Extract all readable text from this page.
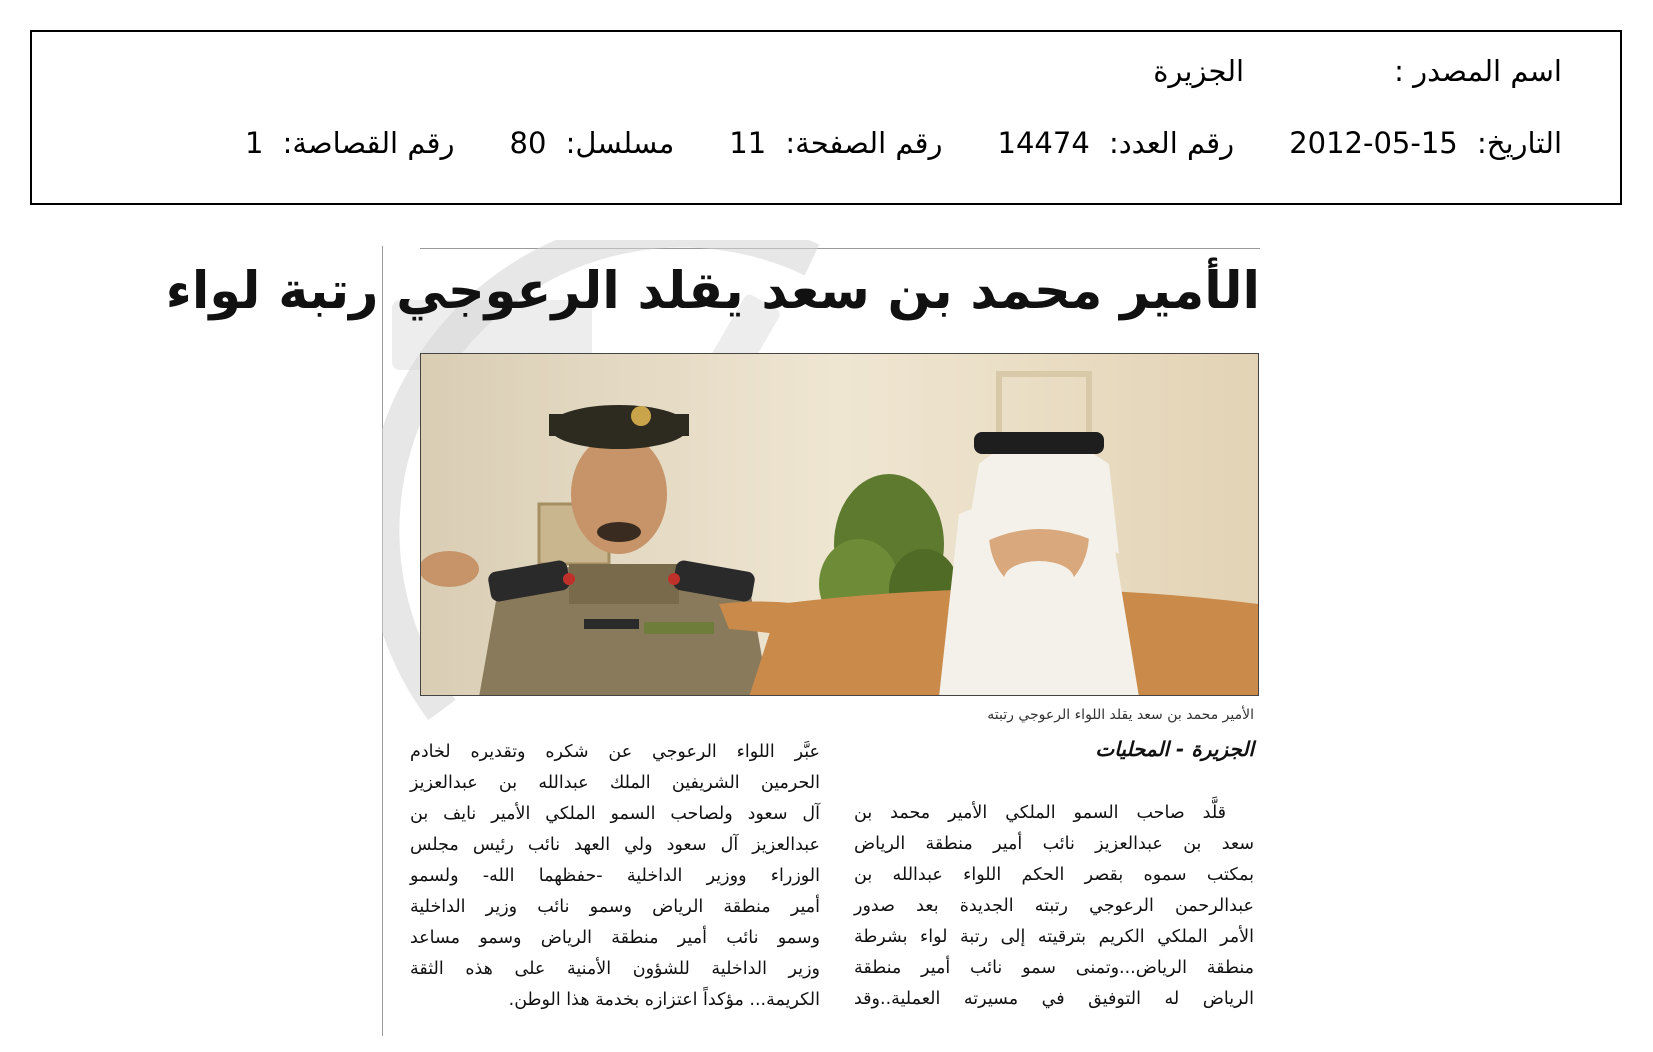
اسم المصدر :
الجزيرة
التاريخ: 2012-05-15
رقم العدد: 14474
رقم الصفحة: 11
مسلسل: 80
رقم القصاصة: 1
الأمير محمد بن سعد يقلد الرعوجي رتبة لواء
الأمير محمد بن سعد يقلد اللواء الرعوجي رتبته
الجزيرة - المحليات
قلَّد صاحب السمو الملكي الأمير محمد بن
سعد بن عبدالعزيز نائب أمير منطقة الرياض
بمكتب سموه بقصر الحكم اللواء عبدالله بن
عبدالرحمن الرعوجي رتبته الجديدة بعد صدور
الأمر الملكي الكريم بترقيته إلى رتبة لواء بشرطة
منطقة الرياض...وتمنى سمو نائب أمير منطقة
الرياض له التوفيق في مسيرته العملية..وقد
عبَّر اللواء الرعوجي عن شكره وتقديره لخادم
الحرمين الشريفين الملك عبدالله بن عبدالعزيز
آل سعود ولصاحب السمو الملكي الأمير نايف بن
عبدالعزيز آل سعود ولي العهد نائب رئيس مجلس
الوزراء ووزير الداخلية -حفظهما الله- ولسمو
أمير منطقة الرياض وسمو نائب وزير الداخلية
وسمو نائب أمير منطقة الرياض وسمو مساعد
وزير الداخلية للشؤون الأمنية على هذه الثقة
الكريمة... مؤكداً اعتزازه بخدمة هذا الوطن.
